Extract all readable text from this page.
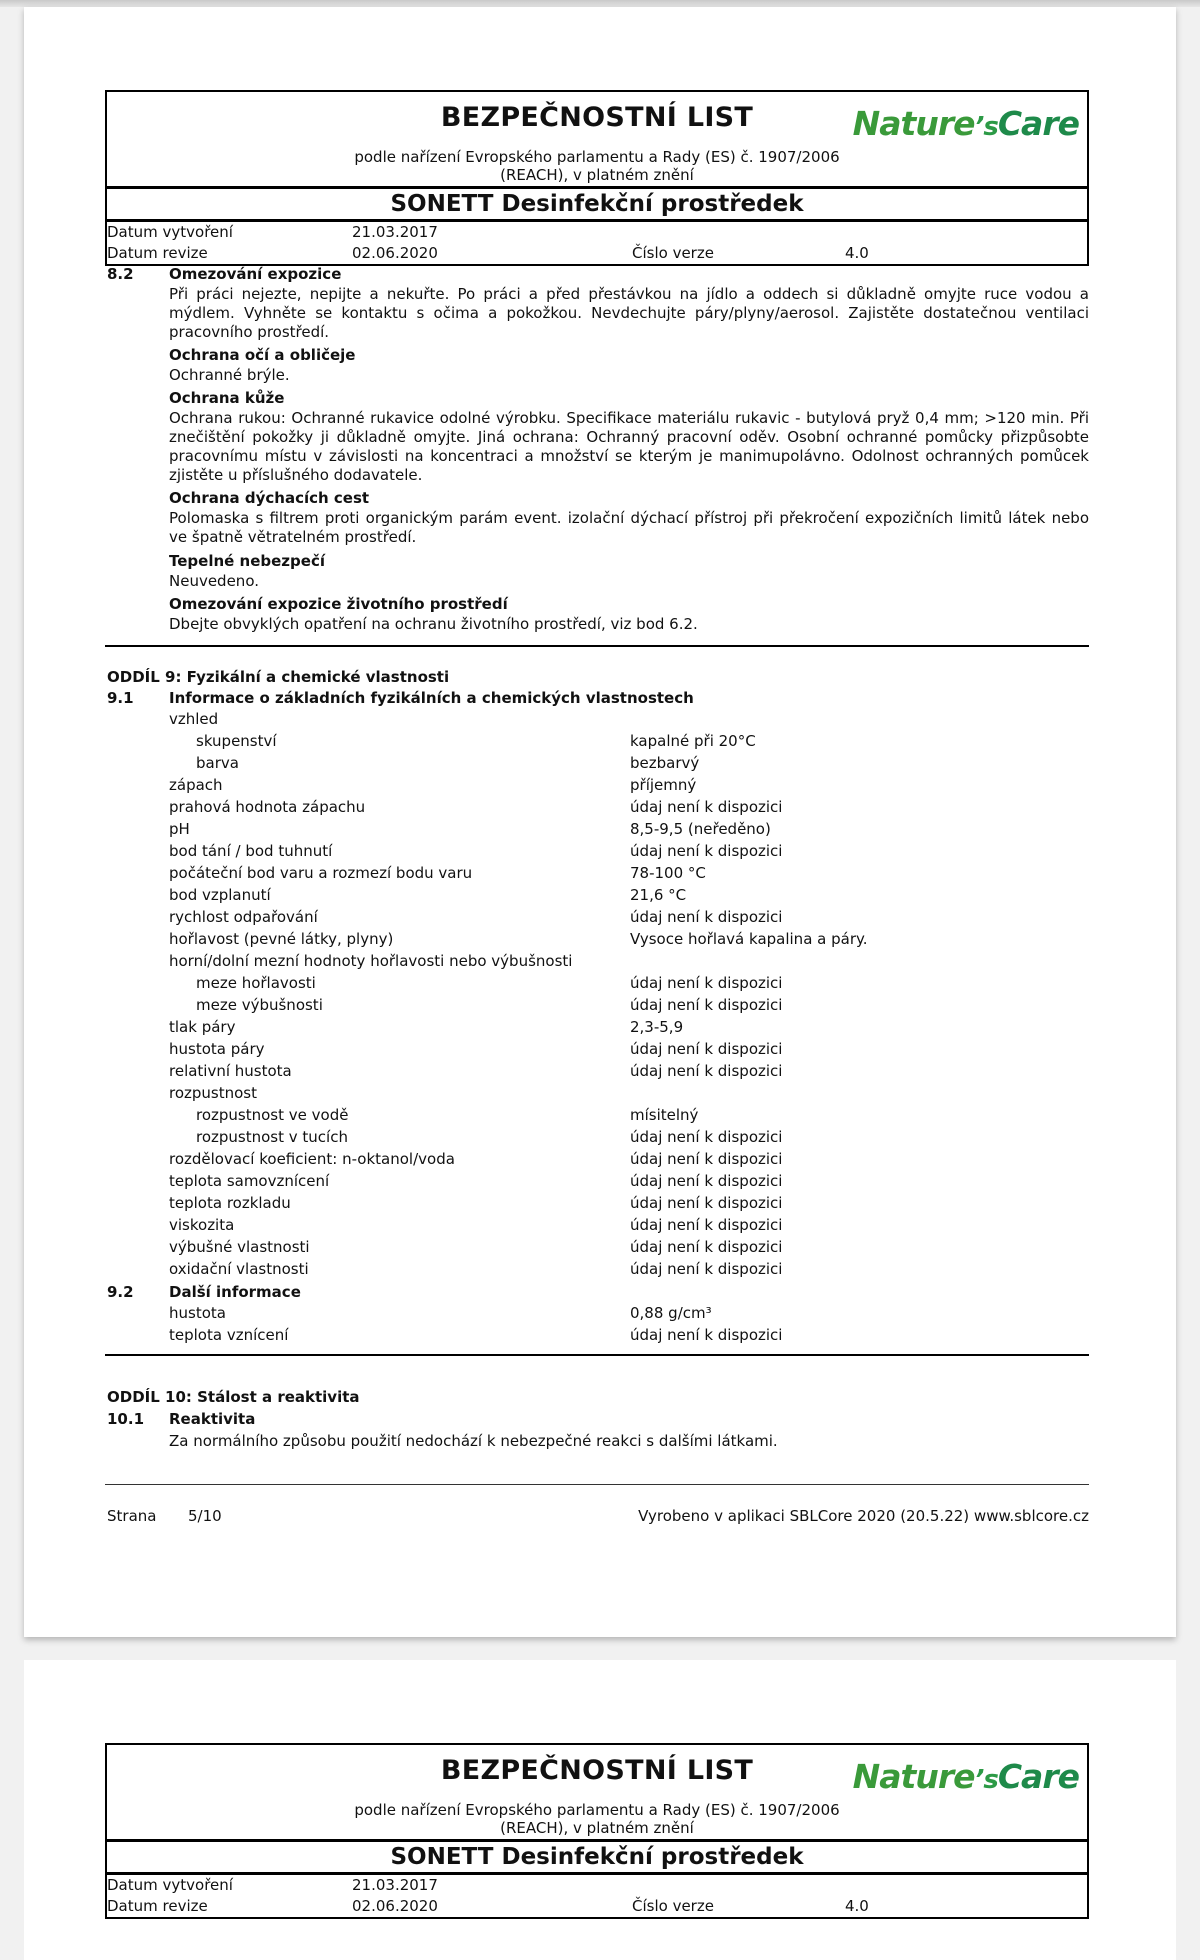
BEZPEČNOSTNÍ LIST
podle nařízení Evropského parlamentu a Rady (ES) č. 1907/2006
(REACH), v platném znění
Nature’sCare
SONETT Desinfekční prostředek
Datum vytvoření	21.03.2017
Datum revize	02.06.2020	Číslo verze	4.0
8.2 Omezování expozice
Při práci nejezte, nepijte a nekuřte. Po práci a před přestávkou na jídlo a oddech si důkladně omyjte ruce vodou a mýdlem. Vyhněte se kontaktu s očima a pokožkou. Nevdechujte páry/plyny/aerosol. Zajistěte dostatečnou ventilaci pracovního prostředí.
Ochrana očí a obličeje
Ochranné brýle.
Ochrana kůže
Ochrana rukou: Ochranné rukavice odolné výrobku. Specifikace materiálu rukavic - butylová pryž 0,4 mm; >120 min. Při znečištění pokožky ji důkladně omyjte. Jiná ochrana: Ochranný pracovní oděv. Osobní ochranné pomůcky přizpůsobte pracovnímu místu v závislosti na koncentraci a množství se kterým je manimupolávno. Odolnost ochranných pomůcek zjistěte u příslušného dodavatele.
Ochrana dýchacích cest
Polomaska s filtrem proti organickým parám event. izolační dýchací přístroj při překročení expozičních limitů látek nebo ve špatně větratelném prostředí.
Tepelné nebezpečí
Neuvedeno.
Omezování expozice životního prostředí
Dbejte obvyklých opatření na ochranu životního prostředí, viz bod 6.2.
ODDÍL 9: Fyzikální a chemické vlastnosti
9.1 Informace o základních fyzikálních a chemických vlastnostech
vzhled
skupenství	kapalné při 20°C
barva	bezbarvý
zápach	příjemný
prahová hodnota zápachu	údaj není k dispozici
pH	8,5-9,5 (neředěno)
bod tání / bod tuhnutí	údaj není k dispozici
počáteční bod varu a rozmezí bodu varu	78-100 °C
bod vzplanutí	21,6 °C
rychlost odpařování	údaj není k dispozici
hořlavost (pevné látky, plyny)	Vysoce hořlavá kapalina a páry.
horní/dolní mezní hodnoty hořlavosti nebo výbušnosti
meze hořlavosti	údaj není k dispozici
meze výbušnosti	údaj není k dispozici
tlak páry	2,3-5,9
hustota páry	údaj není k dispozici
relativní hustota	údaj není k dispozici
rozpustnost
rozpustnost ve vodě	mísitelný
rozpustnost v tucích	údaj není k dispozici
rozdělovací koeficient: n-oktanol/voda	údaj není k dispozici
teplota samovznícení	údaj není k dispozici
teplota rozkladu	údaj není k dispozici
viskozita	údaj není k dispozici
výbušné vlastnosti	údaj není k dispozici
oxidační vlastnosti	údaj není k dispozici
9.2 Další informace
hustota	0,88 g/cm³
teplota vznícení	údaj není k dispozici
ODDÍL 10: Stálost a reaktivita
10.1 Reaktivita
Za normálního způsobu použití nedochází k nebezpečné reakci s dalšími látkami.
Strana 5/10	Vyrobeno v aplikaci SBLCore 2020 (20.5.22) www.sblcore.cz
BEZPEČNOSTNÍ LIST
podle nařízení Evropského parlamentu a Rady (ES) č. 1907/2006
(REACH), v platném znění
Nature’sCare
SONETT Desinfekční prostředek
Datum vytvoření	21.03.2017
Datum revize	02.06.2020	Číslo verze	4.0
